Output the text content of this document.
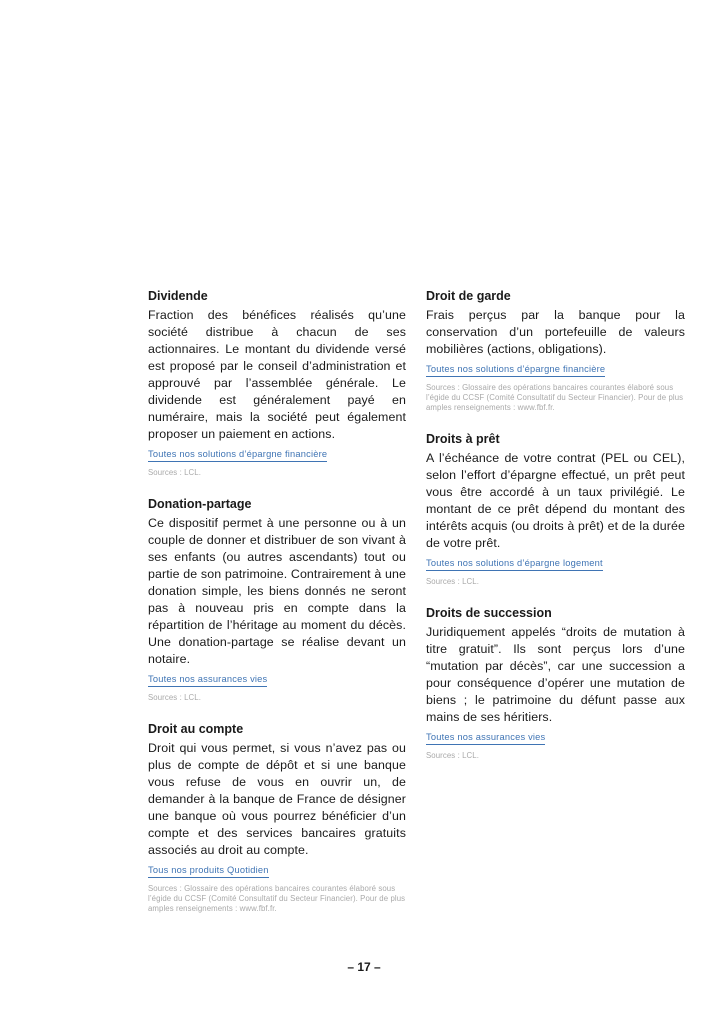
Dividende
Fraction des bénéfices réalisés qu’une société distribue à chacun de ses actionnaires. Le montant du dividende versé est proposé par le conseil d’administration et approuvé par l’assemblée générale. Le dividende est généralement payé en numéraire, mais la société peut également proposer un paiement en actions.
Toutes nos solutions d’épargne financière
Sources : LCL.
Donation-partage
Ce dispositif permet à une personne ou à un couple de donner et distribuer de son vivant à ses enfants (ou autres ascendants) tout ou partie de son patrimoine. Contrairement à une donation simple, les biens donnés ne seront pas à nouveau pris en compte dans la répartition de l’héritage au moment du décès. Une donation-partage se réalise devant un notaire.
Toutes nos assurances vies
Sources : LCL.
Droit au compte
Droit qui vous permet, si vous n’avez pas ou plus de compte de dépôt et si une banque vous refuse de vous en ouvrir un, de demander à la banque de France de désigner une banque où vous pourrez bénéficier d’un compte et des services bancaires gratuits associés au droit au compte.
Tous nos produits Quotidien
Sources : Glossaire des opérations bancaires courantes élaboré sous l’égide du CCSF (Comité Consultatif du Secteur Financier). Pour de plus amples renseignements : www.fbf.fr.
Droit de garde
Frais perçus par la banque pour la conservation d’un portefeuille de valeurs mobilières (actions, obligations).
Toutes nos solutions d’épargne financière
Sources : Glossaire des opérations bancaires courantes élaboré sous l’égide du CCSF (Comité Consultatif du Secteur Financier). Pour de plus amples renseignements : www.fbf.fr.
Droits à prêt
A l’échéance de votre contrat (PEL ou CEL), selon l’effort d’épargne effectué, un prêt peut vous être accordé à un taux privilégié. Le montant de ce prêt dépend du montant des intérêts acquis (ou droits à prêt) et de la durée de votre prêt.
Toutes nos solutions d’épargne logement
Sources : LCL.
Droits de succession
Juridiquement appelés “droits de mutation à titre gratuit”. Ils sont perçus lors d’une “mutation par décès”, car une succession a pour conséquence d’opérer une mutation de biens ; le patrimoine du défunt passe aux mains de ses héritiers.
Toutes nos assurances vies
Sources : LCL.
– 17 –
